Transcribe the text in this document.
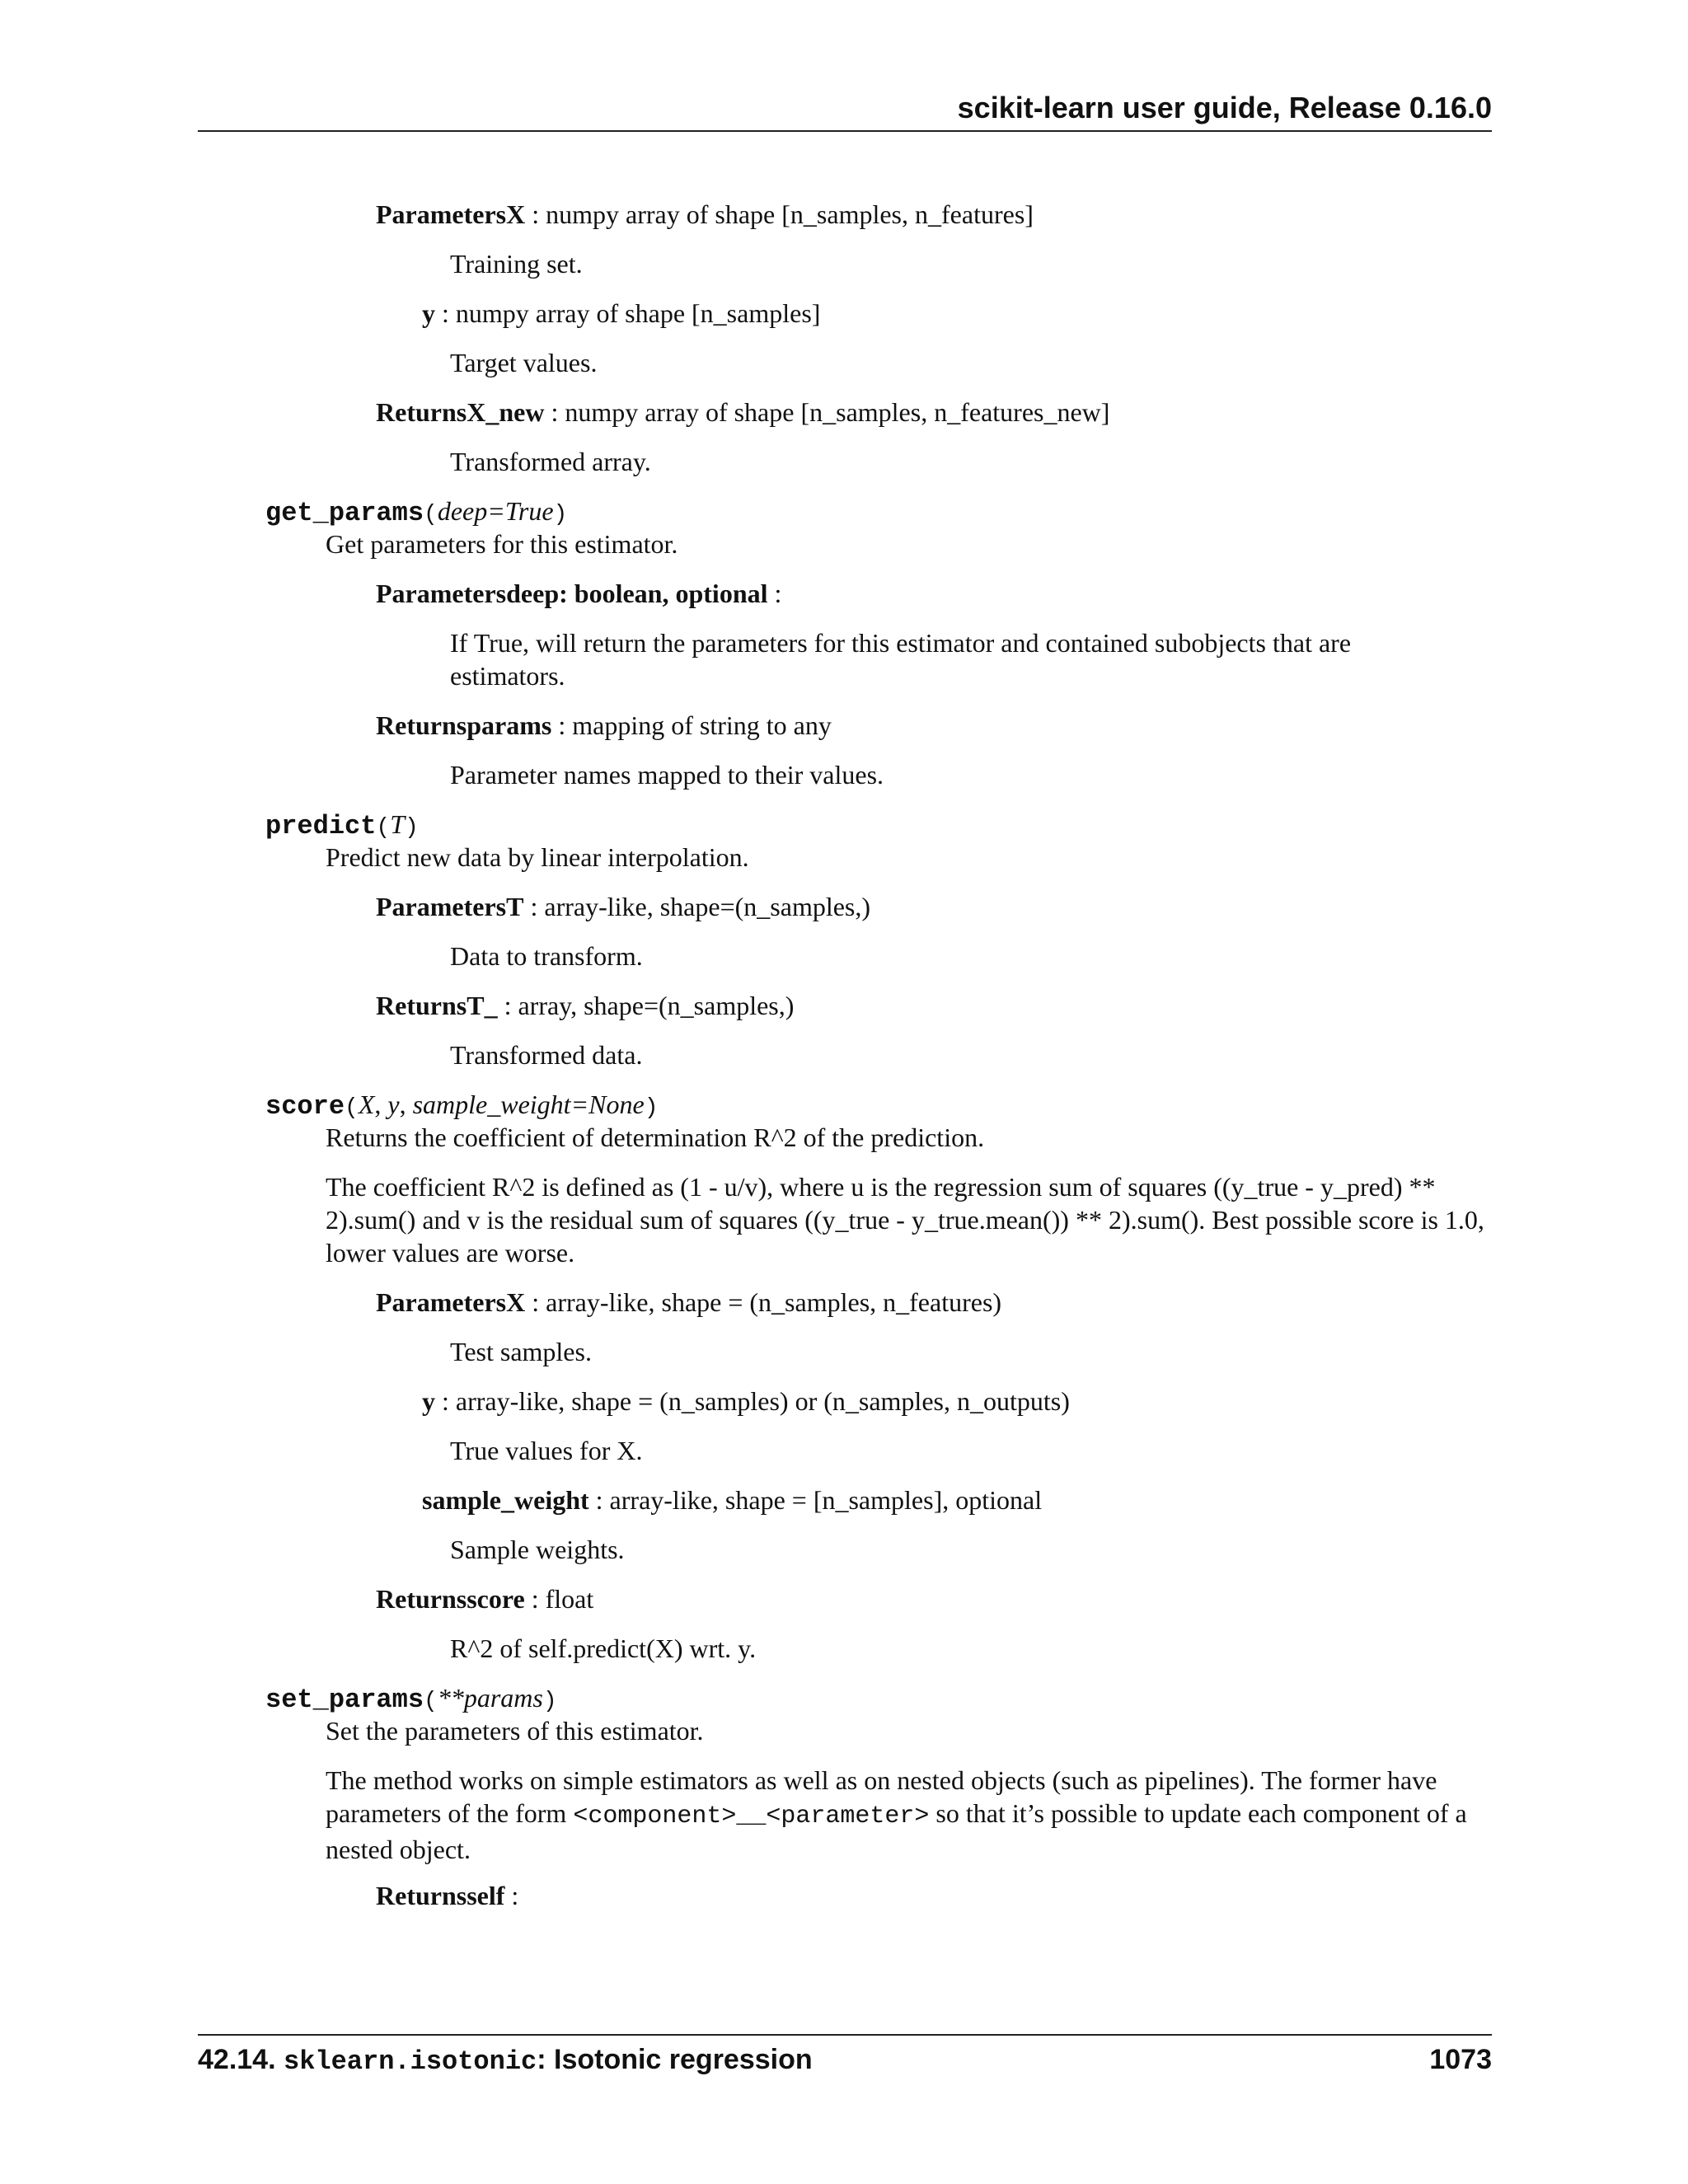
scikit-learn user guide, Release 0.16.0
ParametersX : numpy array of shape [n_samples, n_features]
Training set.
y : numpy array of shape [n_samples]
Target values.
ReturnsX_new : numpy array of shape [n_samples, n_features_new]
Transformed array.
get_params(deep=True)
Get parameters for this estimator.
Parametersdeep: boolean, optional :
If True, will return the parameters for this estimator and contained subobjects that are estimators.
Returnsparams : mapping of string to any
Parameter names mapped to their values.
predict(T)
Predict new data by linear interpolation.
ParametersT : array-like, shape=(n_samples,)
Data to transform.
ReturnsT_ : array, shape=(n_samples,)
Transformed data.
score(X, y, sample_weight=None)
Returns the coefficient of determination R^2 of the prediction.
The coefficient R^2 is defined as (1 - u/v), where u is the regression sum of squares ((y_true - y_pred) ** 2).sum() and v is the residual sum of squares ((y_true - y_true.mean()) ** 2).sum(). Best possible score is 1.0, lower values are worse.
ParametersX : array-like, shape = (n_samples, n_features)
Test samples.
y : array-like, shape = (n_samples) or (n_samples, n_outputs)
True values for X.
sample_weight : array-like, shape = [n_samples], optional
Sample weights.
Returnsscore : float
R^2 of self.predict(X) wrt. y.
set_params(**params)
Set the parameters of this estimator.
The method works on simple estimators as well as on nested objects (such as pipelines). The former have parameters of the form <component>__<parameter> so that it’s possible to update each component of a nested object.
Returnsself :
42.14. sklearn.isotonic: Isotonic regression	1073
